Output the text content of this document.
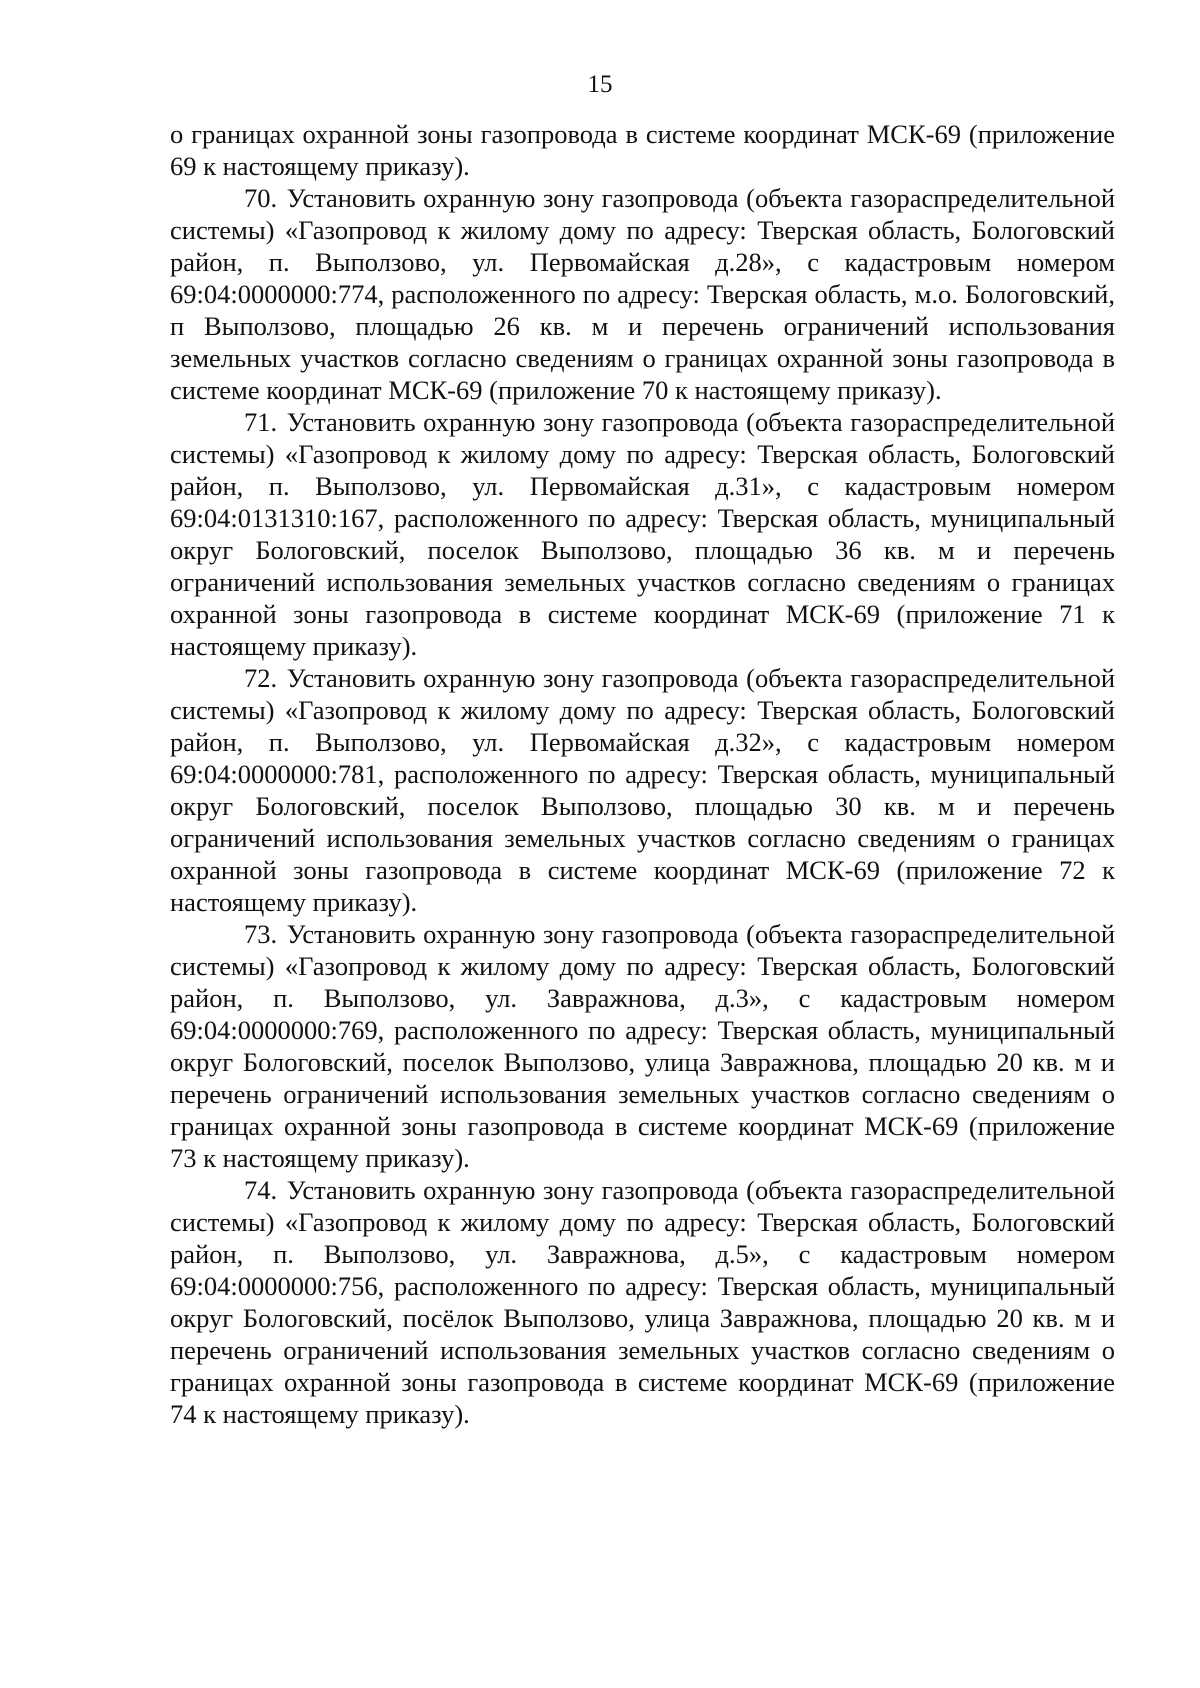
15

о границах охранной зоны газопровода в системе координат МСК-69 (приложение 69 к настоящему приказу).

70. Установить охранную зону газопровода (объекта газораспределительной системы) «Газопровод к жилому дому по адресу: Тверская область, Бологовский район, п. Выползово, ул. Первомайская д.28», с кадастровым номером 69:04:0000000:774, расположенного по адресу: Тверская область, м.о. Бологовский, п Выползово, площадью 26 кв. м и перечень ограничений использования земельных участков согласно сведениям о границах охранной зоны газопровода в системе координат МСК-69 (приложение 70 к настоящему приказу).

71. Установить охранную зону газопровода (объекта газораспределительной системы) «Газопровод к жилому дому по адресу: Тверская область, Бологовский район, п. Выползово, ул. Первомайская д.31», с кадастровым номером 69:04:0131310:167, расположенного по адресу: Тверская область, муниципальный округ Бологовский, поселок Выползово, площадью 36 кв. м и перечень ограничений использования земельных участков согласно сведениям о границах охранной зоны газопровода в системе координат МСК-69 (приложение 71 к настоящему приказу).

72. Установить охранную зону газопровода (объекта газораспределительной системы) «Газопровод к жилому дому по адресу: Тверская область, Бологовский район, п. Выползово, ул. Первомайская д.32», с кадастровым номером 69:04:0000000:781, расположенного по адресу: Тверская область, муниципальный округ Бологовский, поселок Выползово, площадью 30 кв. м и перечень ограничений использования земельных участков согласно сведениям о границах охранной зоны газопровода в системе координат МСК-69 (приложение 72 к настоящему приказу).

73. Установить охранную зону газопровода (объекта газораспределительной системы) «Газопровод к жилому дому по адресу: Тверская область, Бологовский район, п. Выползово, ул. Завражнова, д.3», с кадастровым номером 69:04:0000000:769, расположенного по адресу: Тверская область, муниципальный округ Бологовский, поселок Выползово, улица Завражнова, площадью 20 кв. м и перечень ограничений использования земельных участков согласно сведениям о границах охранной зоны газопровода в системе координат МСК-69 (приложение 73 к настоящему приказу).

74. Установить охранную зону газопровода (объекта газораспределительной системы) «Газопровод к жилому дому по адресу: Тверская область, Бологовский район, п. Выползово, ул. Завражнова, д.5», с кадастровым номером 69:04:0000000:756, расположенного по адресу: Тверская область, муниципальный округ Бологовский, посёлок Выползово, улица Завражнова, площадью 20 кв. м и перечень ограничений использования земельных участков согласно сведениям о границах охранной зоны газопровода в системе координат МСК-69 (приложение 74 к настоящему приказу).
